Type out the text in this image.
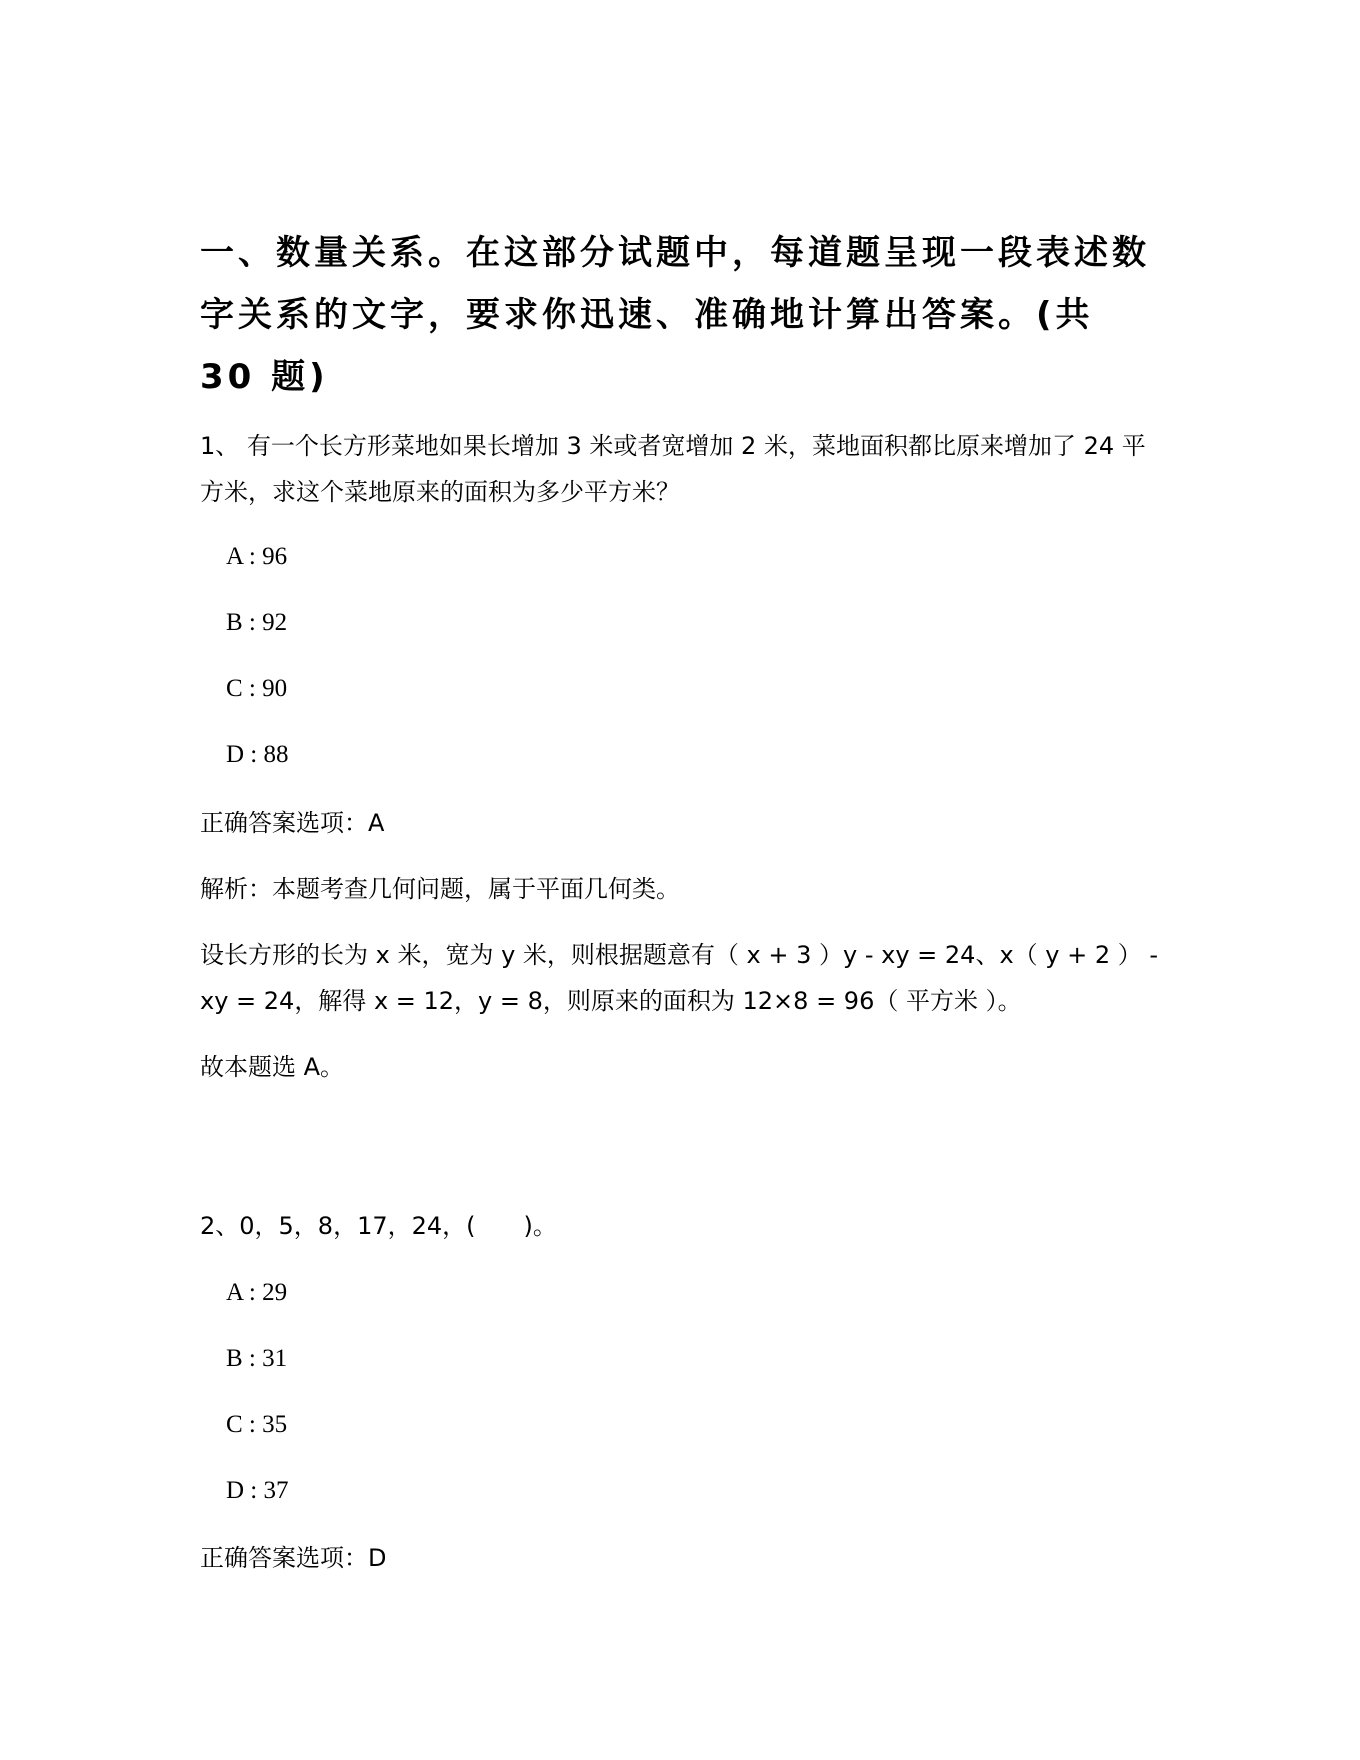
一、数量关系。在这部分试题中，每道题呈现一段表述数字关系的文字，要求你迅速、准确地计算出答案。(共 30 题)

1、 有一个长方形菜地如果长增加 3 米或者宽增加 2 米，菜地面积都比原来增加了 24 平方米，求这个菜地原来的面积为多少平方米？

A : 96

B : 92

C : 90

D : 88

正确答案选项：A

解析：本题考查几何问题，属于平面几何类。

设长方形的长为 x 米，宽为 y 米，则根据题意有（ x + 3 ）y - xy = 24、x（ y + 2 ） - xy = 24，解得 x = 12，y = 8，则原来的面积为 12×8 = 96（ 平方米 ）。

故本题选 A。

2、0，5，8，17，24，(　　)。

A : 29

B : 31

C : 35

D : 37

正确答案选项：D
